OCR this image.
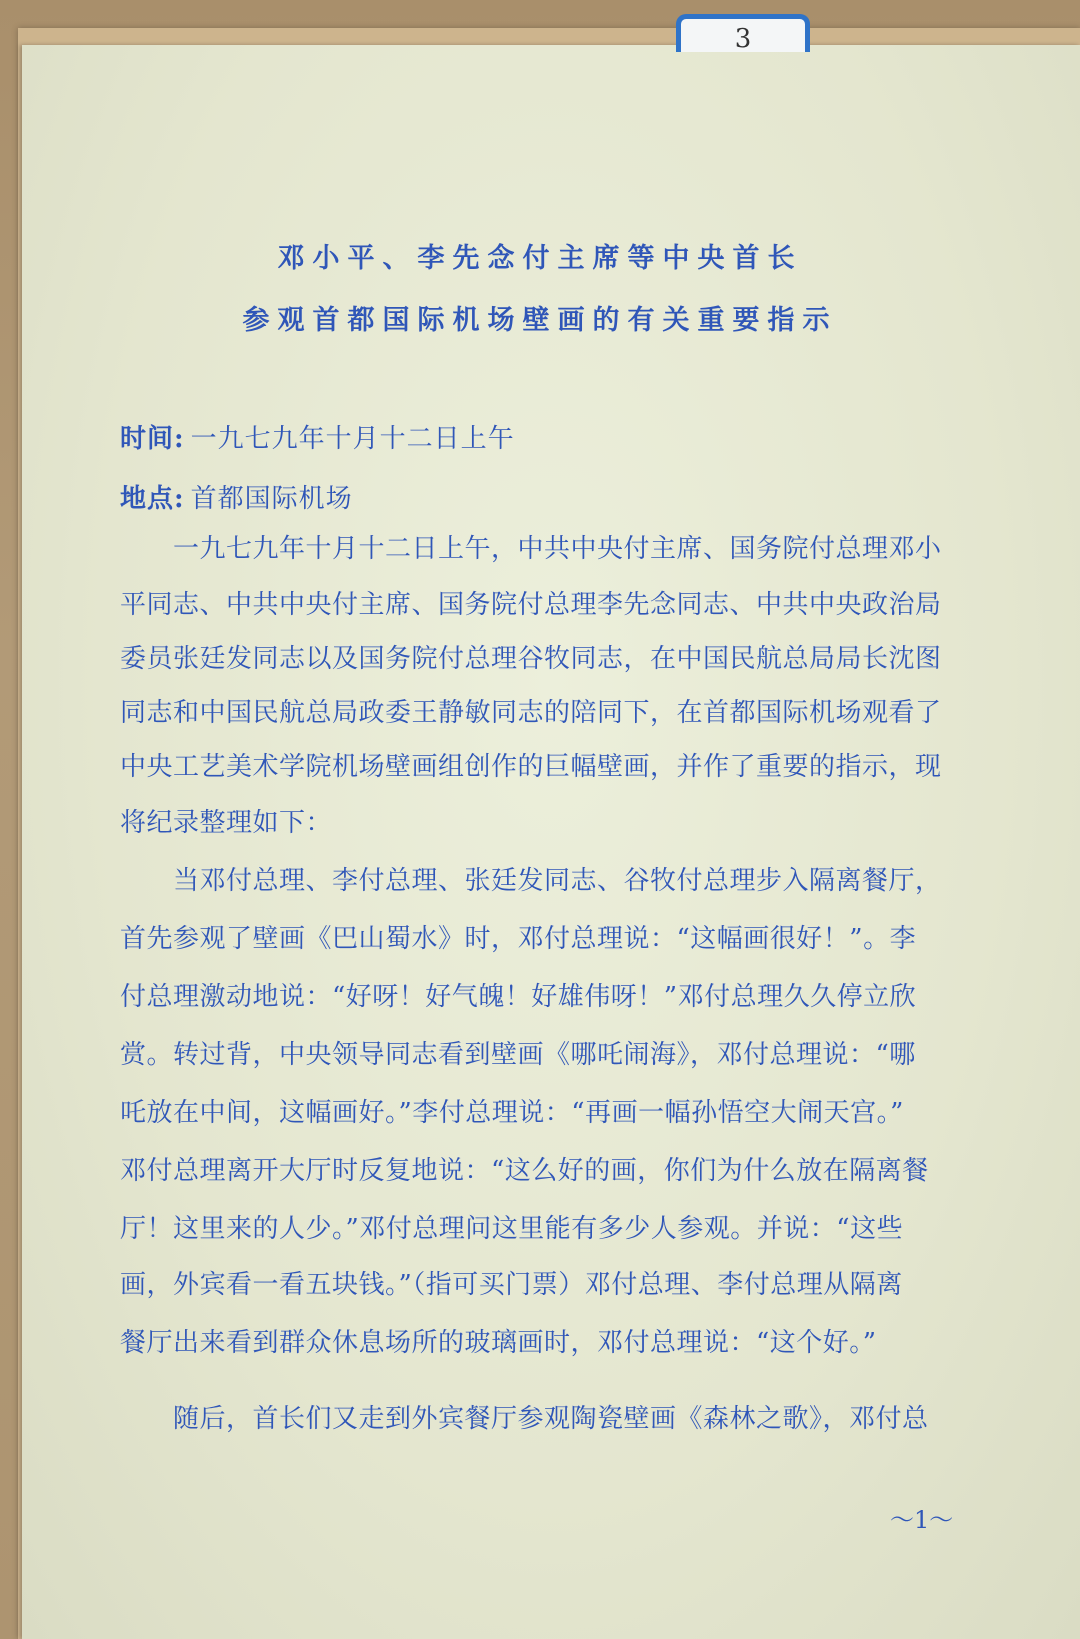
3
邓小平、李先念付主席等中央首长
参观首都国际机场壁画的有关重要指示
时间: 一九七九年十月十二日上午
地点: 首都国际机场
　　一九七九年十月十二日上午，中共中央付主席、国务院付总理邓小
平同志、中共中央付主席、国务院付总理李先念同志、中共中央政治局
委员张廷发同志以及国务院付总理谷牧同志，在中国民航总局局长沈图
同志和中国民航总局政委王静敏同志的陪同下，在首都国际机场观看了
中央工艺美术学院机场壁画组创作的巨幅壁画，并作了重要的指示，现
将纪录整理如下：
　　当邓付总理、李付总理、张廷发同志、谷牧付总理步入隔离餐厅，
首先参观了壁画《巴山蜀水》时，邓付总理说：“这幅画很好！”。李
付总理激动地说：“好呀！好气魄！好雄伟呀！”邓付总理久久停立欣
赏。转过背，中央领导同志看到壁画《哪吒闹海》，邓付总理说：“哪
吒放在中间，这幅画好。”李付总理说：“再画一幅孙悟空大闹天宫。”
邓付总理离开大厅时反复地说：“这么好的画，你们为什么放在隔离餐
厅！这里来的人少。”邓付总理问这里能有多少人参观。并说：“这些
画，外宾看一看五块钱。”（指可买门票）邓付总理、李付总理从隔离
餐厅出来看到群众休息场所的玻璃画时，邓付总理说：“这个好。”
　　随后，首长们又走到外宾餐厅参观陶瓷壁画《森林之歌》，邓付总
～1～
